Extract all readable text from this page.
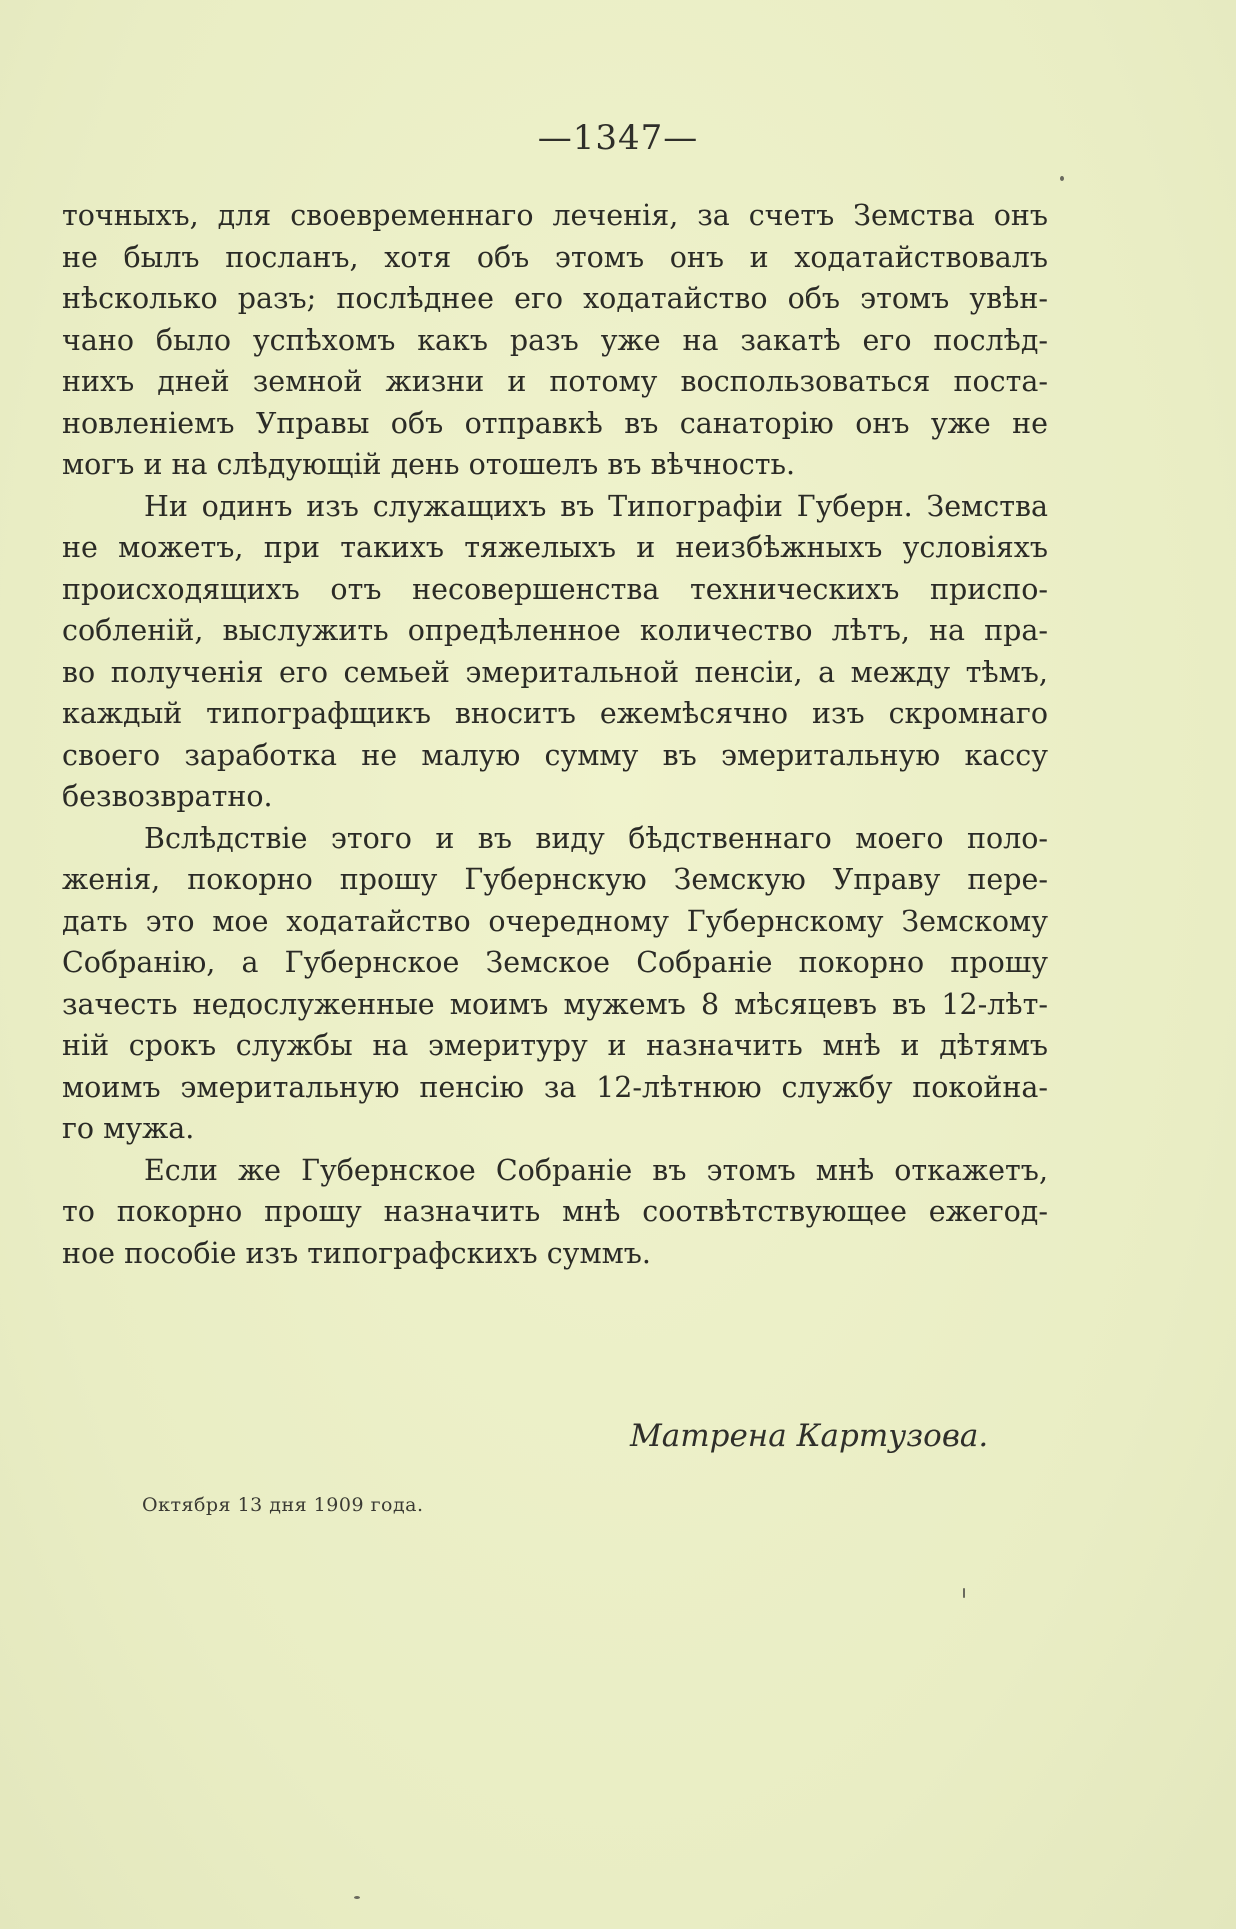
—1347—
точныхъ, для своевременнаго леченія, за счетъ Земства онъ
не былъ посланъ, хотя объ этомъ онъ и ходатайствовалъ
нѣсколько разъ; послѣднее его ходатайство объ этомъ увѣн-
чано было успѣхомъ какъ разъ уже на закатѣ его послѣд-
нихъ дней земной жизни и потому воспользоваться поста-
новленіемъ Управы объ отправкѣ въ санаторію онъ уже не
могъ и на слѣдующій день отошелъ въ вѣчность.
Ни одинъ изъ служащихъ въ Типографіи Губерн. Земства
не можетъ, при такихъ тяжелыхъ и неизбѣжныхъ условіяхъ
происходящихъ отъ несовершенства техническихъ приспо-
собленій, выслужить опредѣленное количество лѣтъ, на пра-
во полученія его семьей эмеритальной пенсіи, а между тѣмъ,
каждый типографщикъ вноситъ ежемѣсячно изъ скромнаго
своего заработка не малую сумму въ эмеритальную кассу
безвозвратно.
Вслѣдствіе этого и въ виду бѣдственнаго моего поло-
женія, покорно прошу Губернскую Земскую Управу пере-
дать это мое ходатайство очередному Губернскому Земскому
Собранію, а Губернское Земское Собраніе покорно прошу
зачесть недослуженные моимъ мужемъ 8 мѣсяцевъ въ 12-лѣт-
ній срокъ службы на эмеритуру и назначить мнѣ и дѣтямъ
моимъ эмеритальную пенсію за 12-лѣтнюю службу покойна-
го мужа.
Если же Губернское Собраніе въ этомъ мнѣ откажетъ,
то покорно прошу назначить мнѣ соотвѣтствующее ежегод-
ное пособіе изъ типографскихъ суммъ.
Матрена Картузова.
Октября 13 дня 1909 года.
